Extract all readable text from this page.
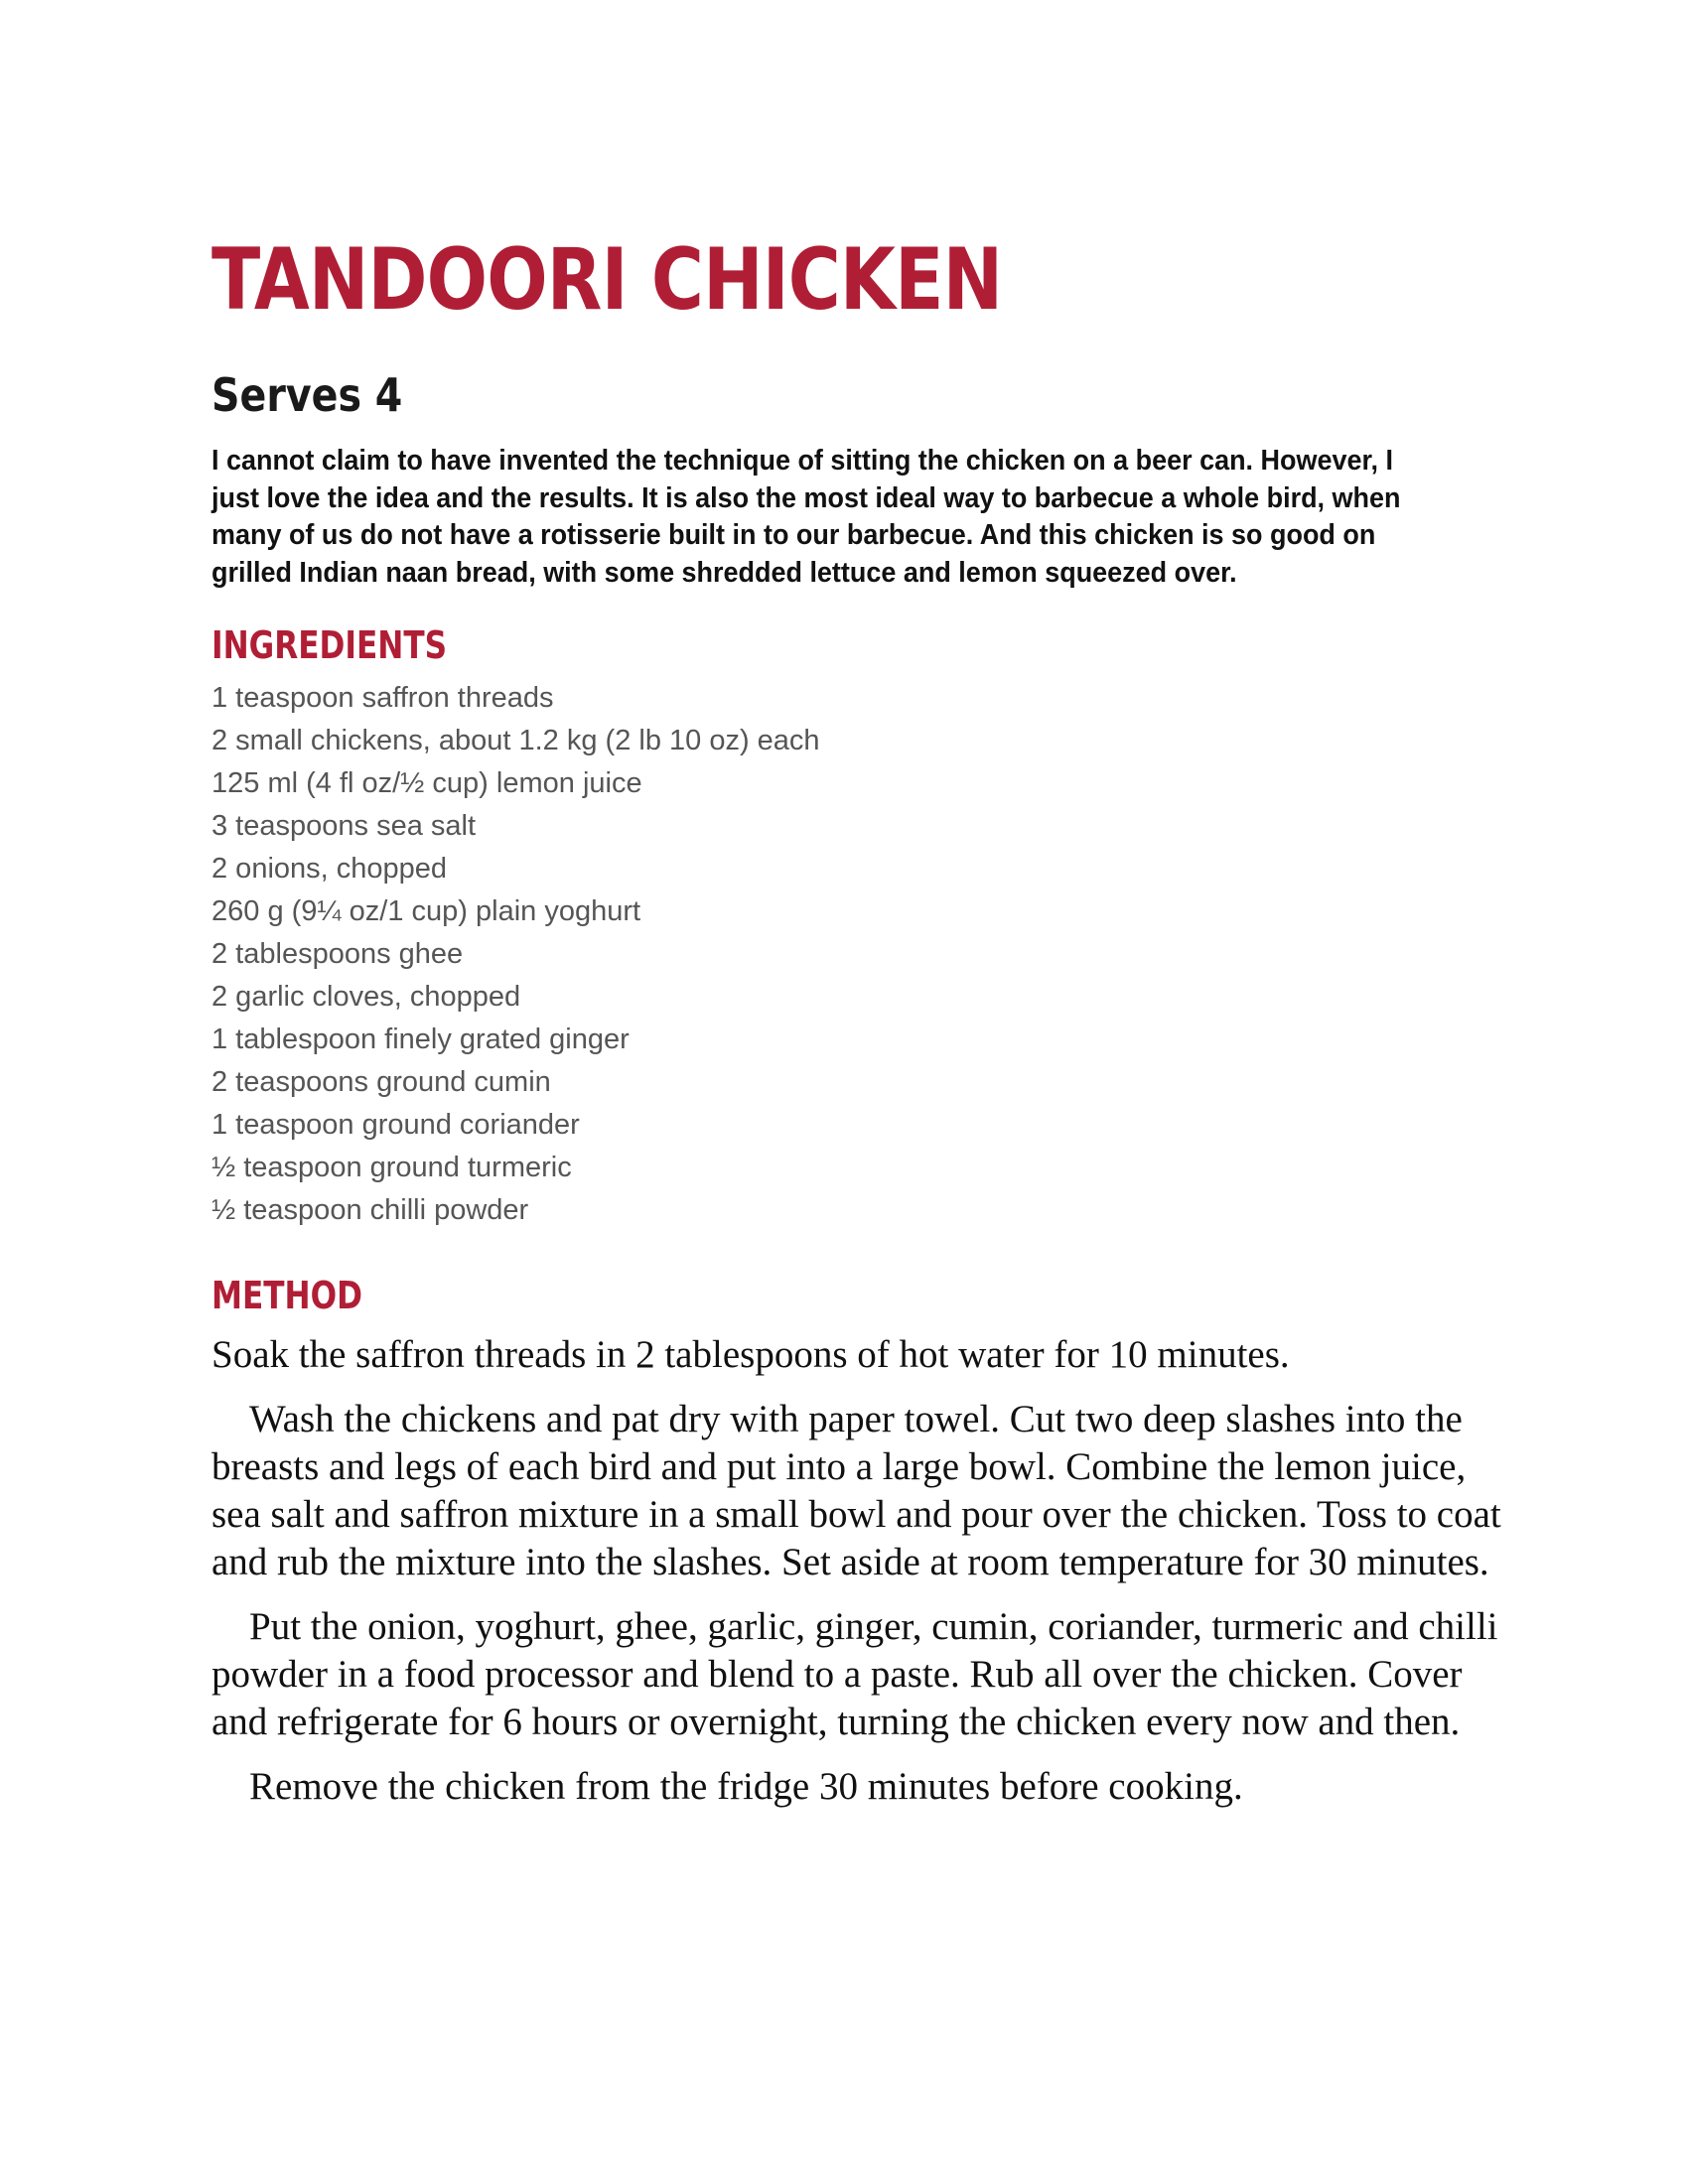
TANDOORI CHICKEN
Serves 4

I cannot claim to have invented the technique of sitting the chicken on a beer can. However, I just love the idea and the results. It is also the most ideal way to barbecue a whole bird, when many of us do not have a rotisserie built in to our barbecue. And this chicken is so good on grilled Indian naan bread, with some shredded lettuce and lemon squeezed over.

INGREDIENTS
1 teaspoon saffron threads
2 small chickens, about 1.2 kg (2 lb 10 oz) each
125 ml (4 fl oz/½ cup) lemon juice
3 teaspoons sea salt
2 onions, chopped
260 g (9¼ oz/1 cup) plain yoghurt
2 tablespoons ghee
2 garlic cloves, chopped
1 tablespoon finely grated ginger
2 teaspoons ground cumin
1 teaspoon ground coriander
½ teaspoon ground turmeric
½ teaspoon chilli powder
METHOD

Soak the saffron threads in 2 tablespoons of hot water for 10 minutes.

Wash the chickens and pat dry with paper towel. Cut two deep slashes into the breasts and legs of each bird and put into a large bowl. Combine the lemon juice, sea salt and saffron mixture in a small bowl and pour over the chicken. Toss to coat and rub the mixture into the slashes. Set aside at room temperature for 30 minutes.

Put the onion, yoghurt, ghee, garlic, ginger, cumin, coriander, turmeric and chilli powder in a food processor and blend to a paste. Rub all over the chicken. Cover and refrigerate for 6 hours or overnight, turning the chicken every now and then.

Remove the chicken from the fridge 30 minutes before cooking.
